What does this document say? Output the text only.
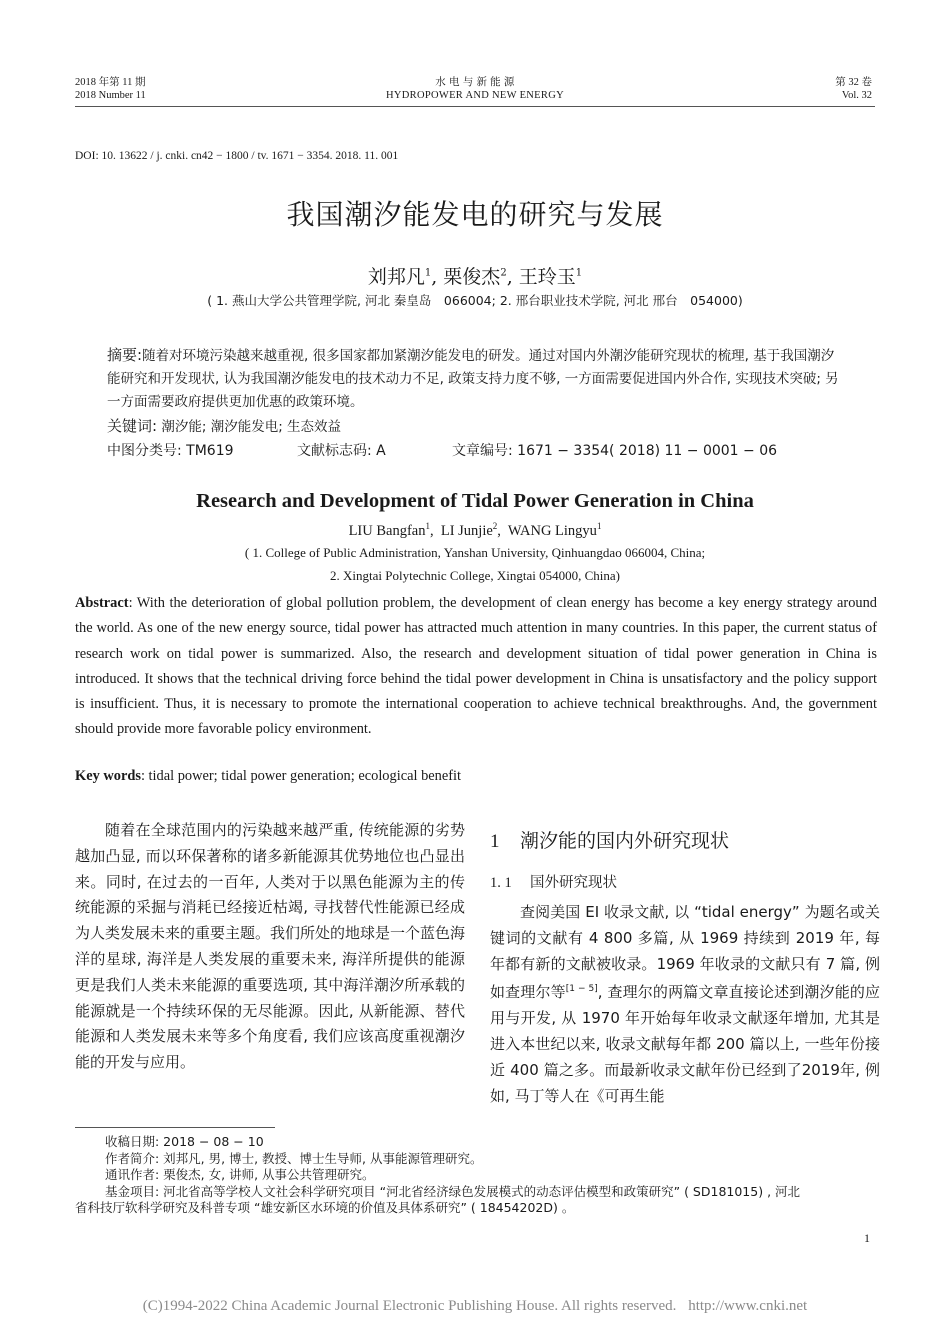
2018 年第 11 期
2018 Number 11
水 电 与 新 能 源
HYDROPOWER AND NEW ENERGY
第 32 卷
Vol. 32
DOI: 10. 13622 / j. cnki. cn42 − 1800 / tv. 1671 − 3354. 2018. 11. 001
我国潮汐能发电的研究与发展
刘邦凡$^1$, 栗俊杰$^2$, 王玲玉$^1$
( 1. 燕山大学公共管理学院, 河北 秦皇岛　066004; 2. 邢台职业技术学院, 河北 邢台　054000)
摘要:随着对环境污染越来越重视, 很多国家都加紧潮汐能发电的研发。通过对国内外潮汐能研究现状的梳理, 基于我国潮汐能研究和开发现状, 认为我国潮汐能发电的技术动力不足, 政策支持力度不够, 一方面需要促进国内外合作, 实现技术突破; 另一方面需要政府提供更加优惠的政策环境。
关键词: 潮汐能; 潮汐能发电; 生态效益
中图分类号: TM619	文献标志码: A	文章编号: 1671 − 3354( 2018) 11 − 0001 − 06
Research and Development of Tidal Power Generation in China
LIU Bangfan$^1$,  LI Junjie$^2$,  WANG Lingyu$^1$
( 1. College of Public Administration, Yanshan University, Qinhuangdao 066004, China;
2. Xingtai Polytechnic College, Xingtai 054000, China)
Abstract: With the deterioration of global pollution problem, the development of clean energy has become a key energy strategy around the world. As one of the new energy source, tidal power has attracted much attention in many countries. In this paper, the current status of research work on tidal power is summarized. Also, the research and development situation of tidal power generation in China is introduced. It shows that the technical driving force behind the tidal power development in China is unsatisfactory and the policy support is insufficient. Thus, it is necessary to promote the international cooperation to achieve technical breakthroughs. And, the government should provide more favorable policy environment.
Key words: tidal power; tidal power generation; ecological benefit

随着在全球范围内的污染越来越严重, 传统能源的劣势越加凸显, 而以环保著称的诸多新能源其优势地位也凸显出来。同时, 在过去的一百年, 人类对于以黑色能源为主的传统能源的采掘与消耗已经接近枯竭, 寻找替代性能源已经成为人类发展未来的重要主题。我们所处的地球是一个蓝色海洋的星球, 海洋是人类发展的重要未来, 海洋所提供的能源更是我们人类未来能源的重要选项, 其中海洋潮汐所承载的能源就是一个持续环保的无尽能源。因此, 从新能源、替代能源和人类发展未来等多个角度看, 我们应该高度重视潮汐能的开发与应用。

1 潮汐能的国内外研究现状
1. 1 国外研究现状

查阅美国 EI 收录文献, 以 “tidal energy” 为题名或关键词的文献有 4 800 多篇, 从 1969 持续到 2019 年, 每年都有新的文献被收录。1969 年收录的文献只有 7 篇, 例如查理尔等[1 − 5], 查理尔的两篇文章直接论述到潮汐能的应用与开发, 从 1970 年开始每年收录文献逐年增加, 尤其是进入本世纪以来, 收录文献每年都 200 篇以上, 一些年份接近 400 篇之多。而最新收录文献年份已经到了2019年, 例如, 马丁等人在《可再生能

收稿日期: 2018 − 08 − 10
作者简介: 刘邦凡, 男, 博士, 教授、博士生导师, 从事能源管理研究。
通讯作者: 栗俊杰, 女, 讲师, 从事公共管理研究。
基金项目: 河北省高等学校人文社会科学研究项目 “河北省经济绿色发展模式的动态评估模型和政策研究” ( SD181015) , 河北
省科技厅软科学研究及科普专项 “雄安新区水环境的价值及具体系研究” ( 18454202D) 。
1
(C)1994-2022 China Academic Journal Electronic Publishing House. All rights reserved. http://www.cnki.net
